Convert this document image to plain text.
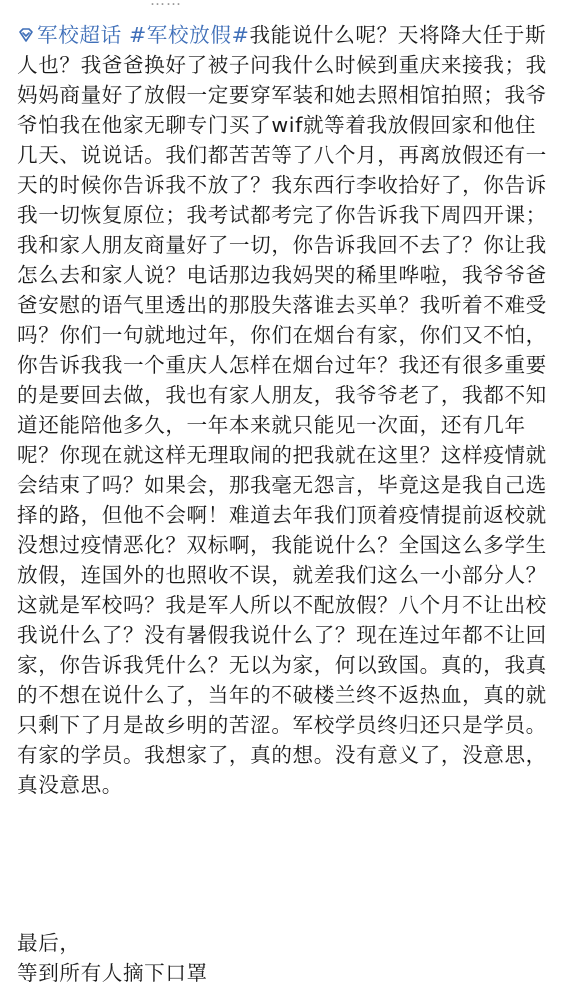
……
军校超话 #军校放假#我能说什么呢？天将降大任于斯人也？我爸爸换好了被子问我什么时候到重庆来接我；我妈妈商量好了放假一定要穿军装和她去照相馆拍照；我爷爷怕我在他家无聊专门买了wif就等着我放假回家和他住几天、说说话。我们都苦苦等了八个月，再离放假还有一天的时候你告诉我不放了？我东西行李收拾好了，你告诉我一切恢复原位；我考试都考完了你告诉我下周四开课；我和家人朋友商量好了一切，你告诉我回不去了？你让我怎么去和家人说？电话那边我妈哭的稀里哗啦，我爷爷爸爸安慰的语气里透出的那股失落谁去买单？我听着不难受吗？你们一句就地过年，你们在烟台有家，你们又不怕，你告诉我我一个重庆人怎样在烟台过年？我还有很多重要的是要回去做，我也有家人朋友，我爷爷老了，我都不知道还能陪他多久，一年本来就只能见一次面，还有几年呢？你现在就这样无理取闹的把我就在这里？这样疫情就会结束了吗？如果会，那我毫无怨言，毕竟这是我自己选择的路，但他不会啊！难道去年我们顶着疫情提前返校就没想过疫情恶化？双标啊，我能说什么？全国这么多学生放假，连国外的也照收不误，就差我们这么一小部分人？这就是军校吗？我是军人所以不配放假？八个月不让出校我说什么了？没有暑假我说什么了？现在连过年都不让回家，你告诉我凭什么？无以为家，何以致国。真的，我真的不想在说什么了，当年的不破楼兰终不返热血，真的就只剩下了月是故乡明的苦涩。军校学员终归还只是学员。有家的学员。我想家了，真的想。没有意义了，没意思，真没意思。
最后，
等到所有人摘下口罩
